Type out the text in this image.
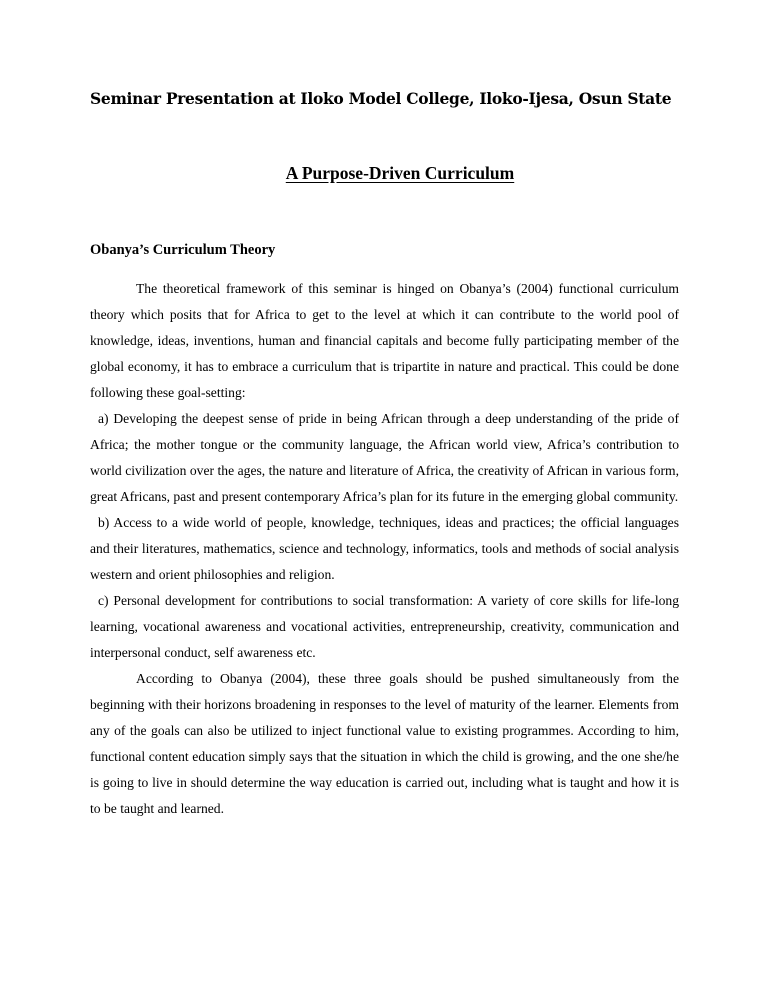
Seminar Presentation at Iloko Model College, Iloko-Ijesa, Osun State
A Purpose-Driven Curriculum
Obanya’s Curriculum Theory

The theoretical framework of this seminar is hinged on Obanya’s (2004) functional curriculum theory which posits that for Africa to get to the level at which it can contribute to the world pool of knowledge, ideas, inventions, human and financial capitals and become fully participating member of the global economy, it has to embrace a curriculum that is tripartite in nature and practical. This could be done following these goal-setting:

a) Developing the deepest sense of pride in being African through a deep understanding of the pride of Africa; the mother tongue or the community language, the African world view, Africa’s contribution to world civilization over the ages, the nature and literature of Africa, the creativity of African in various form, great Africans, past and present contemporary Africa’s plan for its future in the emerging global community.

b) Access to a wide world of people, knowledge, techniques, ideas and practices; the official languages and their literatures, mathematics, science and technology, informatics, tools and methods of social analysis western and orient philosophies and religion.

c) Personal development for contributions to social transformation: A variety of core skills for life-long learning, vocational awareness and vocational activities, entrepreneurship, creativity, communication and interpersonal conduct, self awareness etc.

According to Obanya (2004), these three goals should be pushed simultaneously from the beginning with their horizons broadening in responses to the level of maturity of the learner. Elements from any of the goals can also be utilized to inject functional value to existing programmes. According to him, functional content education simply says that the situation in which the child is growing, and the one she/he is going to live in should determine the way education is carried out, including what is taught and how it is to be taught and learned.
